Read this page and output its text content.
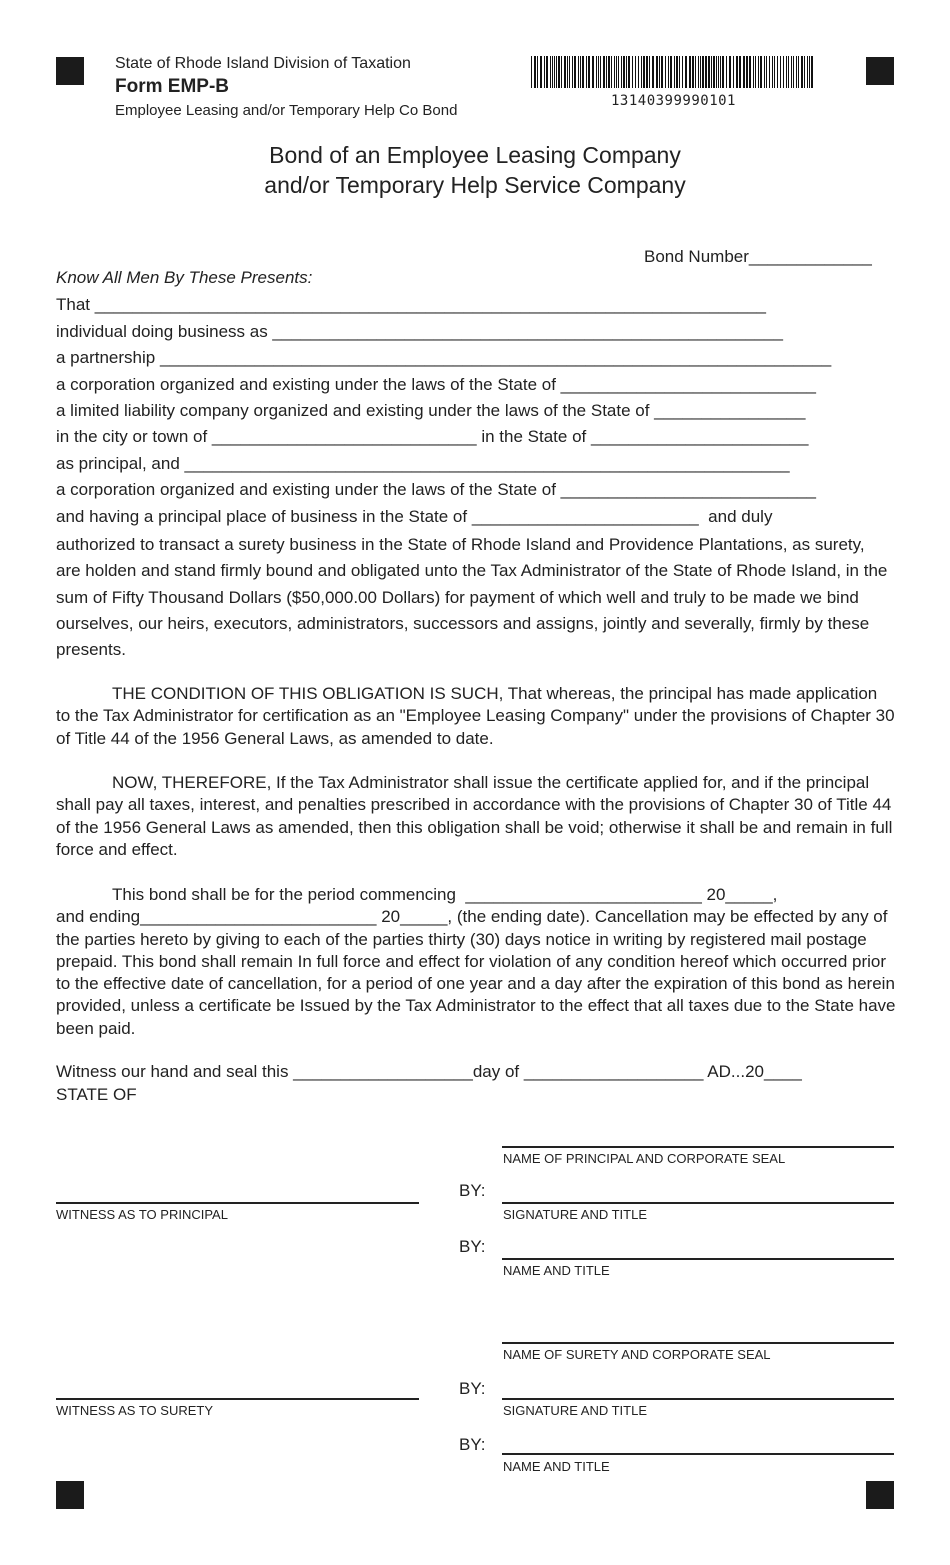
State of Rhode Island Division of Taxation
Form EMP-B
Employee Leasing and/or Temporary Help Co Bond
13140399990101
Bond of an Employee Leasing Company
and/or Temporary Help Service Company
Bond Number_____________
Know All Men By These Presents:
That _______________________________________________________________________
individual doing business as ______________________________________________________
a partnership _______________________________________________________________________
a corporation organized and existing under the laws of the State of ___________________________
a limited liability company organized and existing under the laws of the State of ________________
in the city or town of ____________________________ in the State of _______________________
as principal, and ________________________________________________________________
a corporation organized and existing under the laws of the State of ___________________________
and having a principal place of business in the State of ________________________  and duly
authorized to transact a surety business in the State of Rhode Island and Providence Plantations, as surety, are holden and stand firmly bound and obligated unto the Tax Administrator of the State of Rhode Island, in the sum of Fifty Thousand Dollars ($50,000.00 Dollars) for payment of which well and truly to be made we bind ourselves, our heirs, executors, administrators, successors and assigns, jointly and severally, firmly by these presents.

THE CONDITION OF THIS OBLIGATION IS SUCH, That whereas, the principal has made application to the Tax Administrator for certification as an "Employee Leasing Company" under the provisions of Chapter 30 of Title 44 of the 1956 General Laws, as amended to date.

NOW, THEREFORE, If the Tax Administrator shall issue the certificate applied for, and if the principal shall pay all taxes, interest, and penalties prescribed in accordance with the provisions of Chapter 30 of Title 44 of the 1956 General Laws as amended, then this obligation shall be void; otherwise it shall be and remain in full force and effect.

This bond shall be for the period commencing  _________________________ 20_____,

and ending_________________________ 20_____, (the ending date). Cancellation may be effected by any of the parties hereto by giving to each of the parties thirty (30) days notice in writing by registered mail postage prepaid. This bond shall remain In full force and effect for violation of any condition hereof which occurred prior to the effective date of cancellation, for a period of one year and a day after the expiration of this bond as herein provided, unless a certificate be Issued by the Tax Administrator to the effect that all taxes due to the State have been paid.

Witness our hand and seal this ___________________day of ___________________ AD...20____
STATE OF
NAME OF PRINCIPAL AND CORPORATE SEAL
BY:
SIGNATURE AND TITLE
WITNESS AS TO PRINCIPAL
BY:
NAME AND TITLE
NAME OF SURETY AND CORPORATE SEAL
BY:
SIGNATURE AND TITLE
WITNESS AS TO SURETY
BY:
NAME AND TITLE
